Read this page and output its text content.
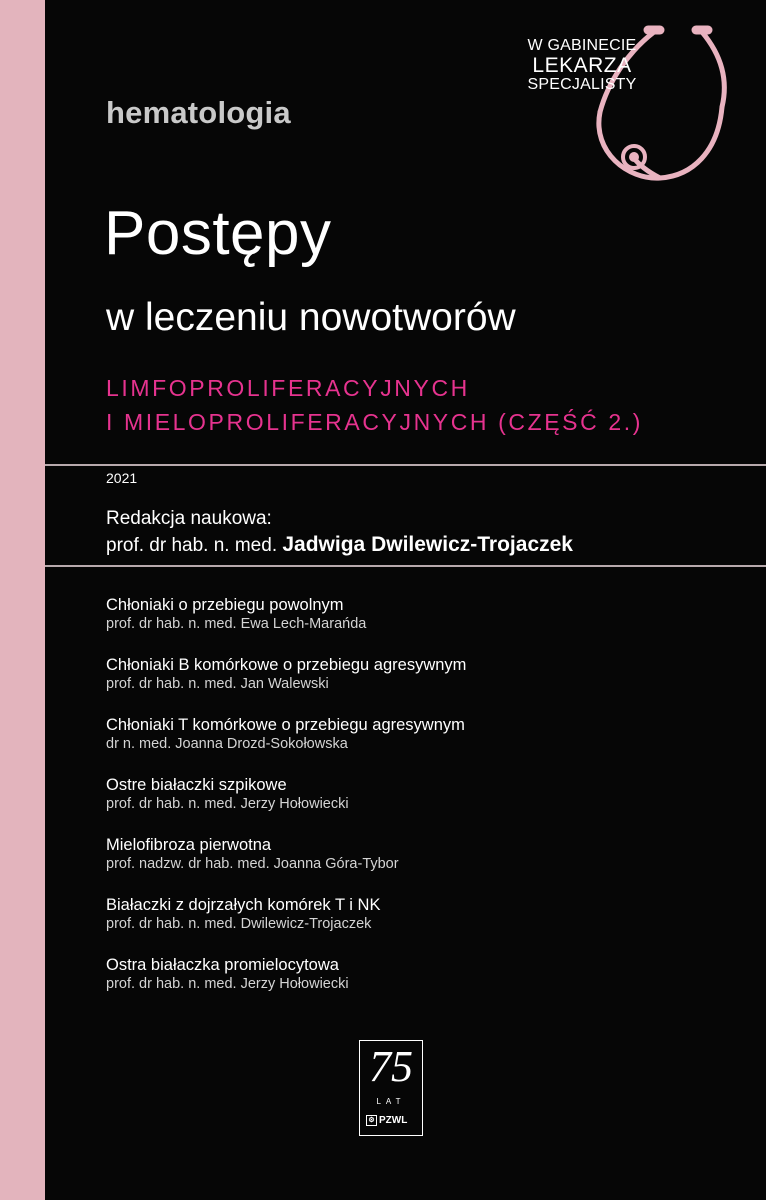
W GABINECIE
LEKARZA
SPECJALISTY
hematologia
Postępy
w leczeniu nowotworów
LIMFOPROLIFERACYJNYCH
I MIELOPROLIFERACYJNYCH (CZĘŚĆ 2.)
2021
Redakcja naukowa:
prof. dr hab. n. med. Jadwiga Dwilewicz-Trojaczek
Chłoniaki o przebiegu powolnym
prof. dr hab. n. med. Ewa Lech-Marańda
Chłoniaki B komórkowe o przebiegu agresywnym
prof. dr hab. n. med. Jan Walewski
Chłoniaki T komórkowe o przebiegu agresywnym
dr n. med. Joanna Drozd-Sokołowska
Ostre białaczki szpikowe
prof. dr hab. n. med. Jerzy Hołowiecki
Mielofibroza pierwotna
prof. nadzw. dr hab. med. Joanna Góra-Tybor
Białaczki z dojrzałych komórek T i NK
prof. dr hab. n. med. Dwilewicz-Trojaczek
Ostra białaczka promielocytowa
prof. dr hab. n. med. Jerzy Hołowiecki
75
LAT
⚙ PZWL
